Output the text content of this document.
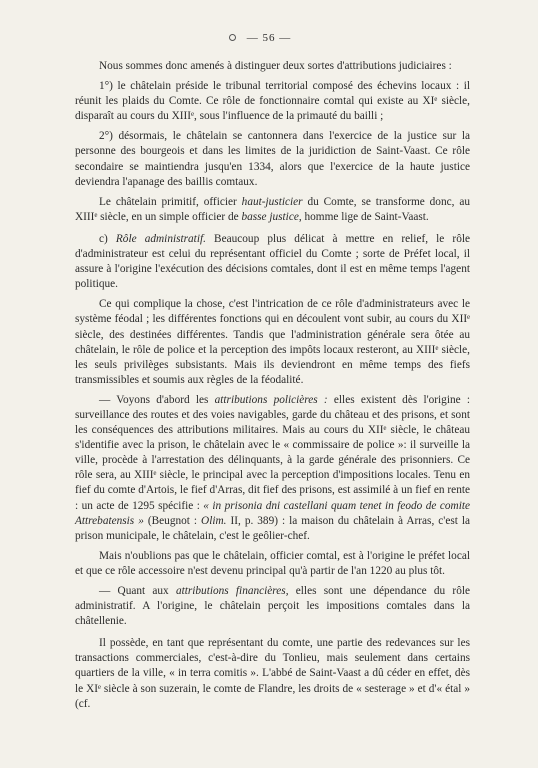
— 56 —

Nous sommes donc amenés à distinguer deux sortes d'attributions judiciaires :

1°) le châtelain préside le tribunal territorial composé des échevins locaux : il réunit les plaids du Comte. Ce rôle de fonctionnaire comtal qui existe au XIᵉ siècle, disparaît au cours du XIIIᵉ, sous l'influence de la primauté du bailli ;

2°) désormais, le châtelain se cantonnera dans l'exercice de la justice sur la personne des bourgeois et dans les limites de la juridiction de Saint-Vaast. Ce rôle secondaire se maintiendra jusqu'en 1334, alors que l'exercice de la haute justice deviendra l'apanage des baillis comtaux.

Le châtelain primitif, officier haut-justicier du Comte, se transforme donc, au XIIIᵉ siècle, en un simple officier de basse justice, homme lige de Saint-Vaast.

c) Rôle administratif. Beaucoup plus délicat à mettre en relief, le rôle d'administrateur est celui du représentant officiel du Comte ; sorte de Préfet local, il assure à l'origine l'exécution des décisions comtales, dont il est en même temps l'agent politique.

Ce qui complique la chose, c'est l'intrication de ce rôle d'administrateurs avec le système féodal ; les différentes fonctions qui en découlent vont subir, au cours du XIIᵉ siècle, des destinées différentes. Tandis que l'administration générale sera ôtée au châtelain, le rôle de police et la perception des impôts locaux resteront, au XIIIᵉ siècle, les seuls privilèges subsistants. Mais ils deviendront en même temps des fiefs transmissibles et soumis aux règles de la féodalité.

— Voyons d'abord les attributions policières : elles existent dès l'origine : surveillance des routes et des voies navigables, garde du château et des prisons, et sont les conséquences des attributions militaires. Mais au cours du XIIᵉ siècle, le château s'identifie avec la prison, le châtelain avec le « commissaire de police »: il surveille la ville, procède à l'arrestation des délinquants, à la garde générale des prisonniers. Ce rôle sera, au XIIIᵉ siècle, le principal avec la perception d'impositions locales. Tenu en fief du comte d'Artois, le fief d'Arras, dit fief des prisons, est assimilé à un fief en rente : un acte de 1295 spécifie : « in prisonia dni castellani quam tenet in feodo de comite Attrebatensis » (Beugnot : Olim. II, p. 389) : la maison du châtelain à Arras, c'est la prison municipale, le châtelain, c'est le geôlier-chef.

Mais n'oublions pas que le châtelain, officier comtal, est à l'origine le préfet local et que ce rôle accessoire n'est devenu principal qu'à partir de l'an 1220 au plus tôt.

— Quant aux attributions financières, elles sont une dépendance du rôle administratif. A l'origine, le châtelain perçoit les impositions comtales dans la châtellenie.

Il possède, en tant que représentant du comte, une partie des redevances sur les transactions commerciales, c'est-à-dire du Tonlieu, mais seulement dans certains quartiers de la ville, « in terra comitis ». L'abbé de Saint-Vaast a dû céder en effet, dès le XIᵉ siècle à son suzerain, le comte de Flandre, les droits de « sesterage » et d'« étal » (cf.
